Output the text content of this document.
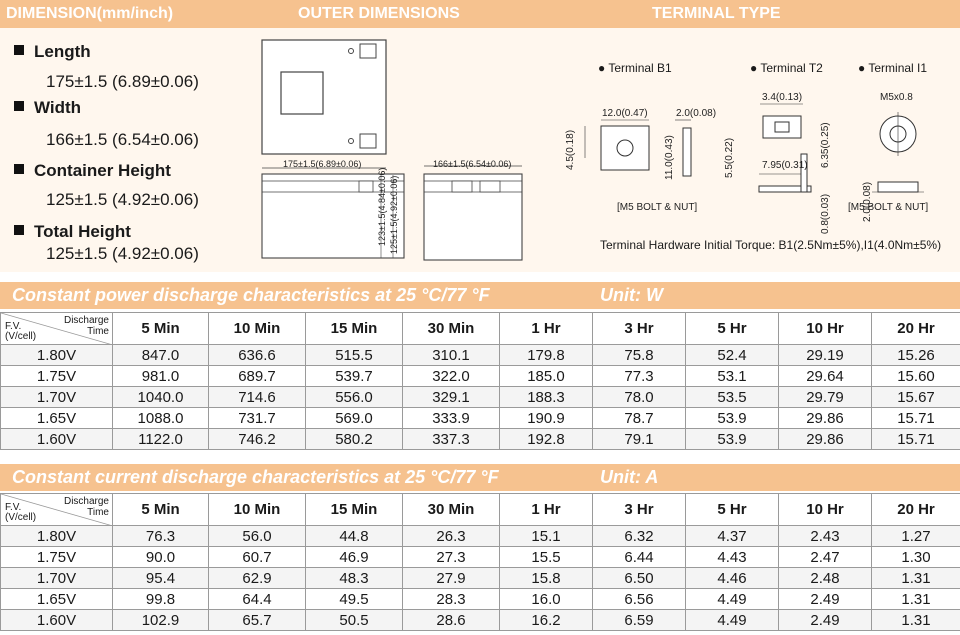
DIMENSION(mm/inch)	OUTER DIMENSIONS	TERMINAL TYPE
Length
175±1.5 (6.89±0.06)
Width
166±1.5 (6.54±0.06)
Container Height
125±1.5 (4.92±0.06)
Total Height
125±1.5 (4.92±0.06)
175±1.5(6.89±0.06)
123±1.5(4.84±0.06) 125±1.5(4.92±0.06)
166±1.5(6.54±0.06)
● Terminal B1	● Terminal T2	● Terminal I1
12.0(0.47)	2.0(0.08)
4.5(0.18)	11.0(0.43)	5.5(0.22)
[M5 BOLT & NUT]
3.4(0.13)
6.35(0.25)
7.95(0.31)
0.8(0.03)
M5x0.8
2.0(0.08)
[M5 BOLT & NUT]
Terminal Hardware Initial Torque: B1(2.5Nm±5%),I1(4.0Nm±5%)
Constant power discharge characteristics at 25 °C/77 °F	Unit: W
Discharge
Time
F.V.
(V/cell)	5 Min	10 Min	15 Min	30 Min	1 Hr	3 Hr	5 Hr	10 Hr	20 Hr
1.80V	847.0	636.6	515.5	310.1	179.8	75.8	52.4	29.19	15.26
1.75V	981.0	689.7	539.7	322.0	185.0	77.3	53.1	29.64	15.60
1.70V	1040.0	714.6	556.0	329.1	188.3	78.0	53.5	29.79	15.67
1.65V	1088.0	731.7	569.0	333.9	190.9	78.7	53.9	29.86	15.71
1.60V	1122.0	746.2	580.2	337.3	192.8	79.1	53.9	29.86	15.71
Constant current discharge characteristics at 25 °C/77 °F	Unit: A
Discharge
Time
F.V.
(V/cell)	5 Min	10 Min	15 Min	30 Min	1 Hr	3 Hr	5 Hr	10 Hr	20 Hr
1.80V	76.3	56.0	44.8	26.3	15.1	6.32	4.37	2.43	1.27
1.75V	90.0	60.7	46.9	27.3	15.5	6.44	4.43	2.47	1.30
1.70V	95.4	62.9	48.3	27.9	15.8	6.50	4.46	2.48	1.31
1.65V	99.8	64.4	49.5	28.3	16.0	6.56	4.49	2.49	1.31
1.60V	102.9	65.7	50.5	28.6	16.2	6.59	4.49	2.49	1.31
